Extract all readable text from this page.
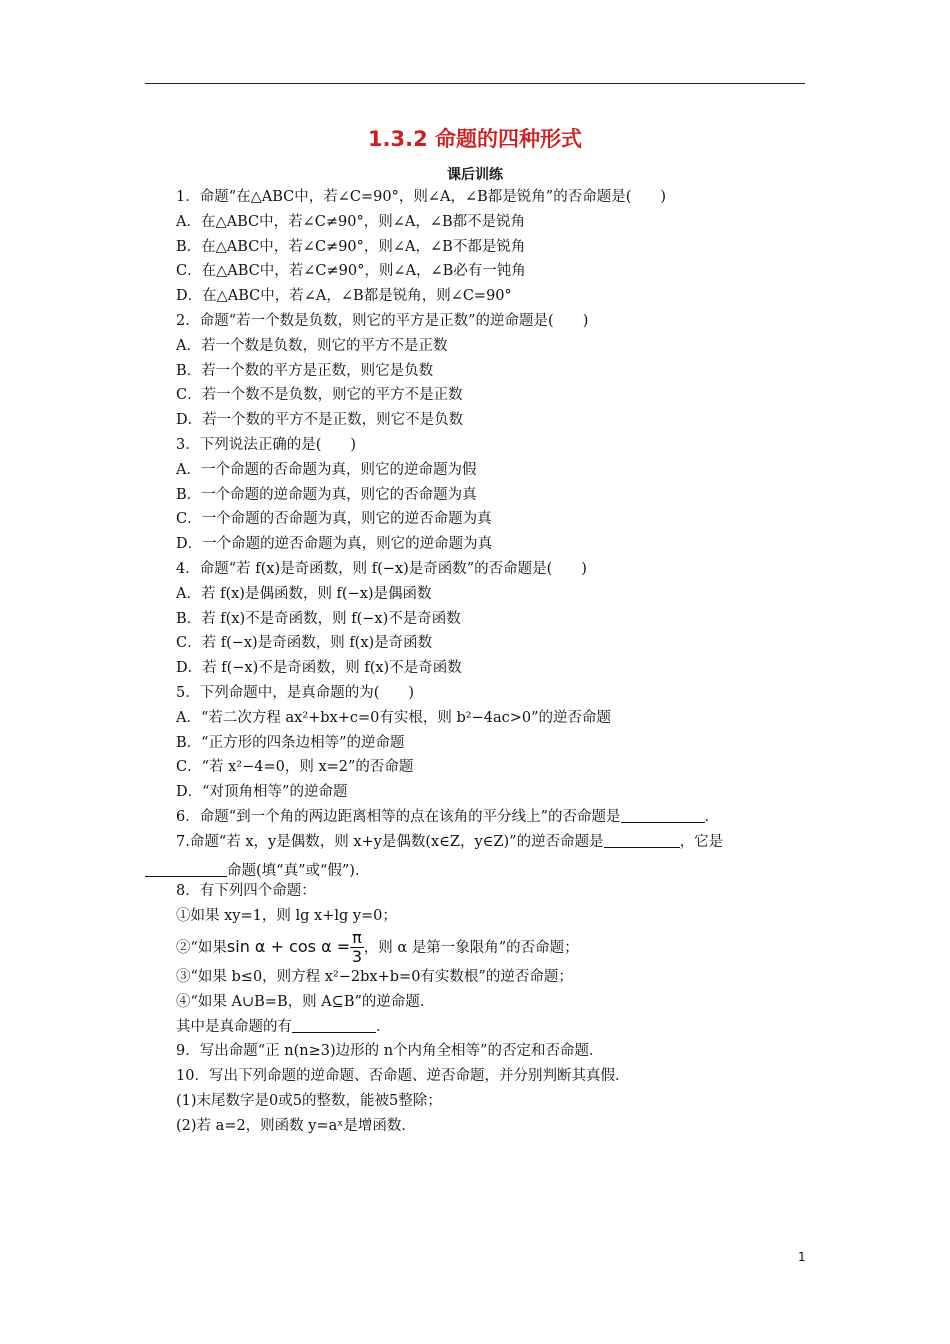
1.3.2 命题的四种形式
课后训练
1．命题“在△ABC中，若∠C=90°，则∠A，∠B都是锐角”的否命题是(　　)
A．在△ABC中，若∠C≠90°，则∠A，∠B都不是锐角
B．在△ABC中，若∠C≠90°，则∠A，∠B不都是锐角
C．在△ABC中，若∠C≠90°，则∠A，∠B必有一钝角
D．在△ABC中，若∠A，∠B都是锐角，则∠C=90°
2．命题“若一个数是负数，则它的平方是正数”的逆命题是(　　)
A．若一个数是负数，则它的平方不是正数
B．若一个数的平方是正数，则它是负数
C．若一个数不是负数，则它的平方不是正数
D．若一个数的平方不是正数，则它不是负数
3．下列说法正确的是(　　)
A．一个命题的否命题为真，则它的逆命题为假
B．一个命题的逆命题为真，则它的否命题为真
C．一个命题的否命题为真，则它的逆否命题为真
D．一个命题的逆否命题为真，则它的逆命题为真
4．命题“若 f(x)是奇函数，则 f(−x)是奇函数”的否命题是(　　)
A．若 f(x)是偶函数，则 f(−x)是偶函数
B．若 f(x)不是奇函数，则 f(−x)不是奇函数
C．若 f(−x)是奇函数，则 f(x)是奇函数
D．若 f(−x)不是奇函数，则 f(x)不是奇函数
5．下列命题中，是真命题的为(　　)
A．“若二次方程 ax²+bx+c=0有实根，则 b²−4ac>0”的逆否命题
B．“正方形的四条边相等”的逆命题
C．“若 x²−4=0，则 x=2”的否命题
D．“对顶角相等”的逆命题
6．命题“到一个角的两边距离相等的点在该角的平分线上”的否命题是	．
7.命题“若 x，y是偶数，则 x+y是偶数(x∈Z，y∈Z)”的逆否命题是	，它是
8．有下列四个命题：
①如果 xy=1，则 lg x+lg y=0；
②“如果$\sin \alpha + \cos \alpha = \frac{\pi}{3}$ ，则 α 是第一象限角”的否命题；
③“如果 b≤0，则方程 x²−2bx+b=0有实数根”的逆否命题；
④“如果 A∪B=B，则 A⊆B”的逆命题．
其中是真命题的有	．
9．写出命题“正 n(n≥3)边形的 n个内角全相等”的否定和否命题．
10．写出下列命题的逆命题、否命题、逆否命题，并分别判断其真假．
(1)末尾数字是0或5的整数，能被5整除；
(2)若 a=2，则函数 y=aˣ是增函数．
命题(填“真”或“假”)．
1
